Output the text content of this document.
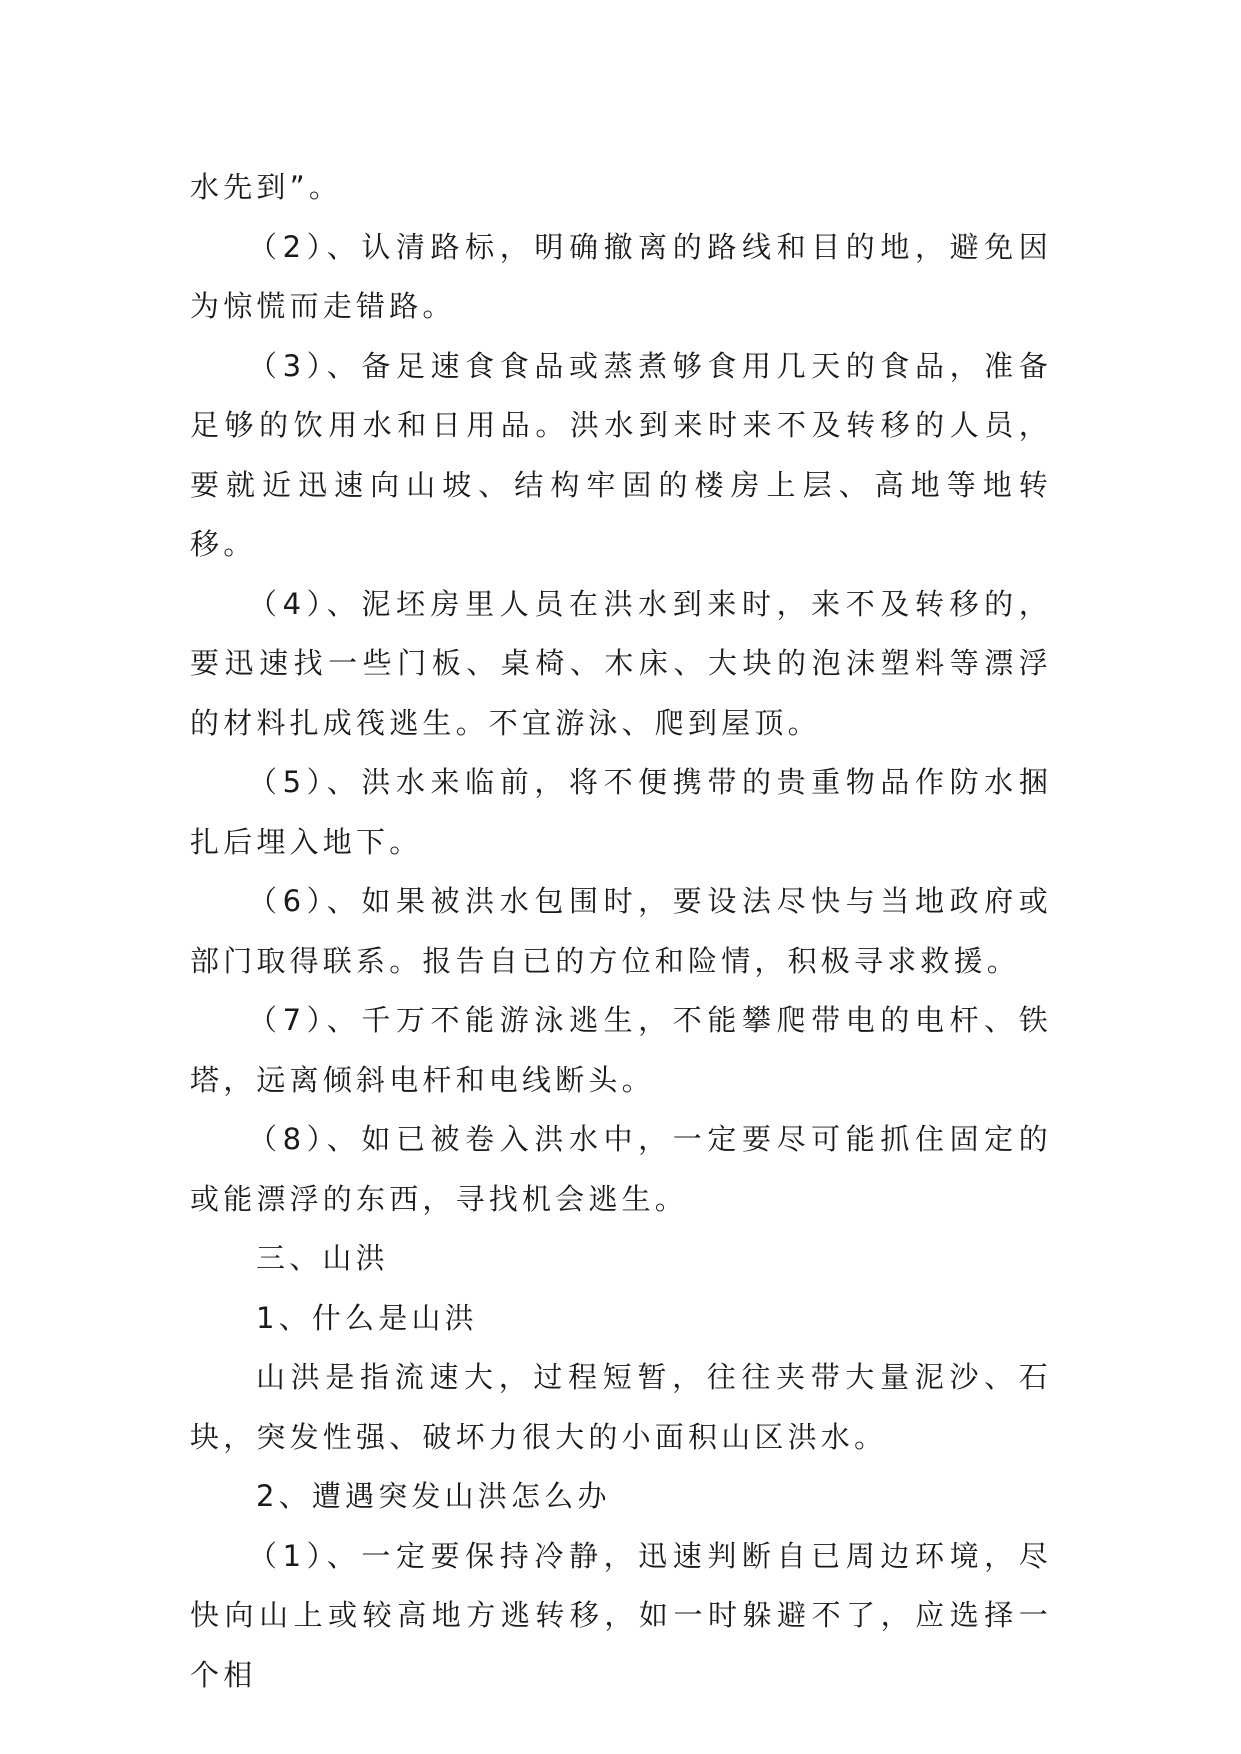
水先到”。

（2）、认清路标，明确撤离的路线和目的地，避免因为惊慌而走错路。

（3）、备足速食食品或蒸煮够食用几天的食品，准备足够的饮用水和日用品。洪水到来时来不及转移的人员，要就近迅速向山坡、结构牢固的楼房上层、高地等地转移。

（4）、泥坯房里人员在洪水到来时，来不及转移的，要迅速找一些门板、桌椅、木床、大块的泡沫塑料等漂浮的材料扎成筏逃生。不宜游泳、爬到屋顶。

（5）、洪水来临前，将不便携带的贵重物品作防水捆扎后埋入地下。

（6）、如果被洪水包围时，要设法尽快与当地政府或部门取得联系。报告自已的方位和险情，积极寻求救援。

（7）、千万不能游泳逃生，不能攀爬带电的电杆、铁塔，远离倾斜电杆和电线断头。

（8）、如已被卷入洪水中，一定要尽可能抓住固定的或能漂浮的东西，寻找机会逃生。

三、山洪

1、什么是山洪

山洪是指流速大，过程短暂，往往夹带大量泥沙、石块，突发性强、破坏力很大的小面积山区洪水。

2、遭遇突发山洪怎么办

（1）、一定要保持冷静，迅速判断自已周边环境，尽快向山上或较高地方逃转移，如一时躲避不了，应选择一个相
